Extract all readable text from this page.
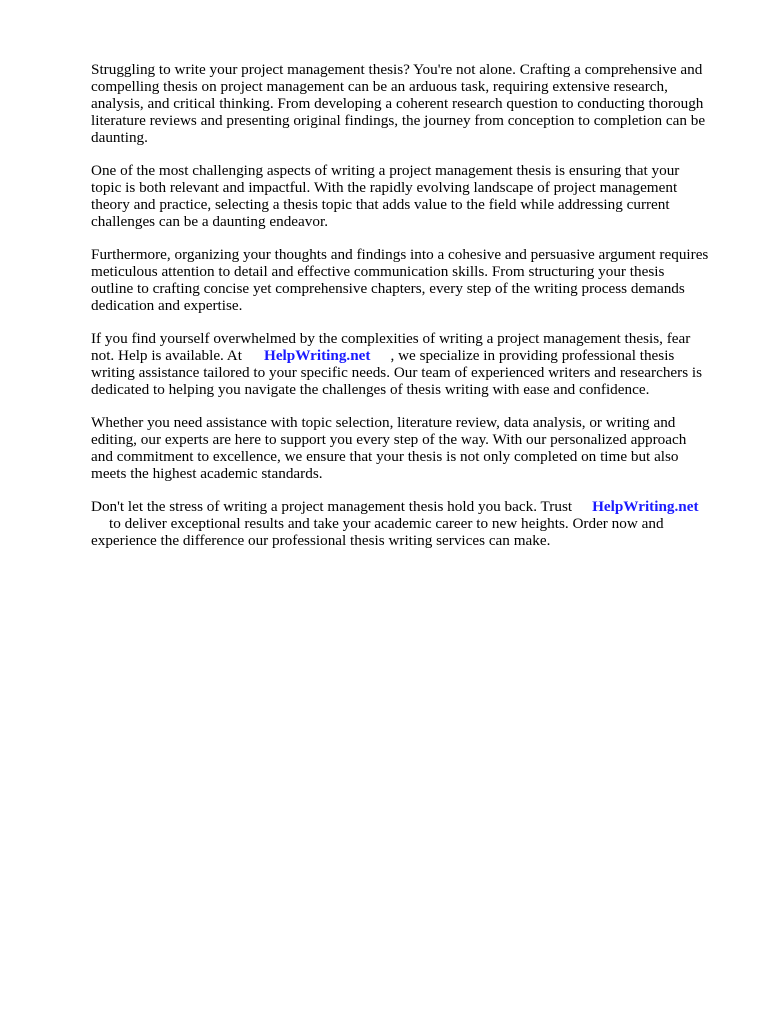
Struggling to write your project management thesis? You're not alone. Crafting a comprehensive and
compelling thesis on project management can be an arduous task, requiring extensive research,
analysis, and critical thinking. From developing a coherent research question to conducting thorough
literature reviews and presenting original findings, the journey from conception to completion can be
daunting.

One of the most challenging aspects of writing a project management thesis is ensuring that your
topic is both relevant and impactful. With the rapidly evolving landscape of project management
theory and practice, selecting a thesis topic that adds value to the field while addressing current
challenges can be a daunting endeavor.

Furthermore, organizing your thoughts and findings into a cohesive and persuasive argument requires
meticulous attention to detail and effective communication skills. From structuring your thesis
outline to crafting concise yet comprehensive chapters, every step of the writing process demands
dedication and expertise.

If you find yourself overwhelmed by the complexities of writing a project management thesis, fear
not. Help is available. At HelpWriting.net , we specialize in providing professional thesis
writing assistance tailored to your specific needs. Our team of experienced writers and researchers is
dedicated to helping you navigate the challenges of thesis writing with ease and confidence.

Whether you need assistance with topic selection, literature review, data analysis, or writing and
editing, our experts are here to support you every step of the way. With our personalized approach
and commitment to excellence, we ensure that your thesis is not only completed on time but also
meets the highest academic standards.

Don't let the stress of writing a project management thesis hold you back. Trust HelpWriting.net
to deliver exceptional results and take your academic career to new heights. Order now and
experience the difference our professional thesis writing services can make.
